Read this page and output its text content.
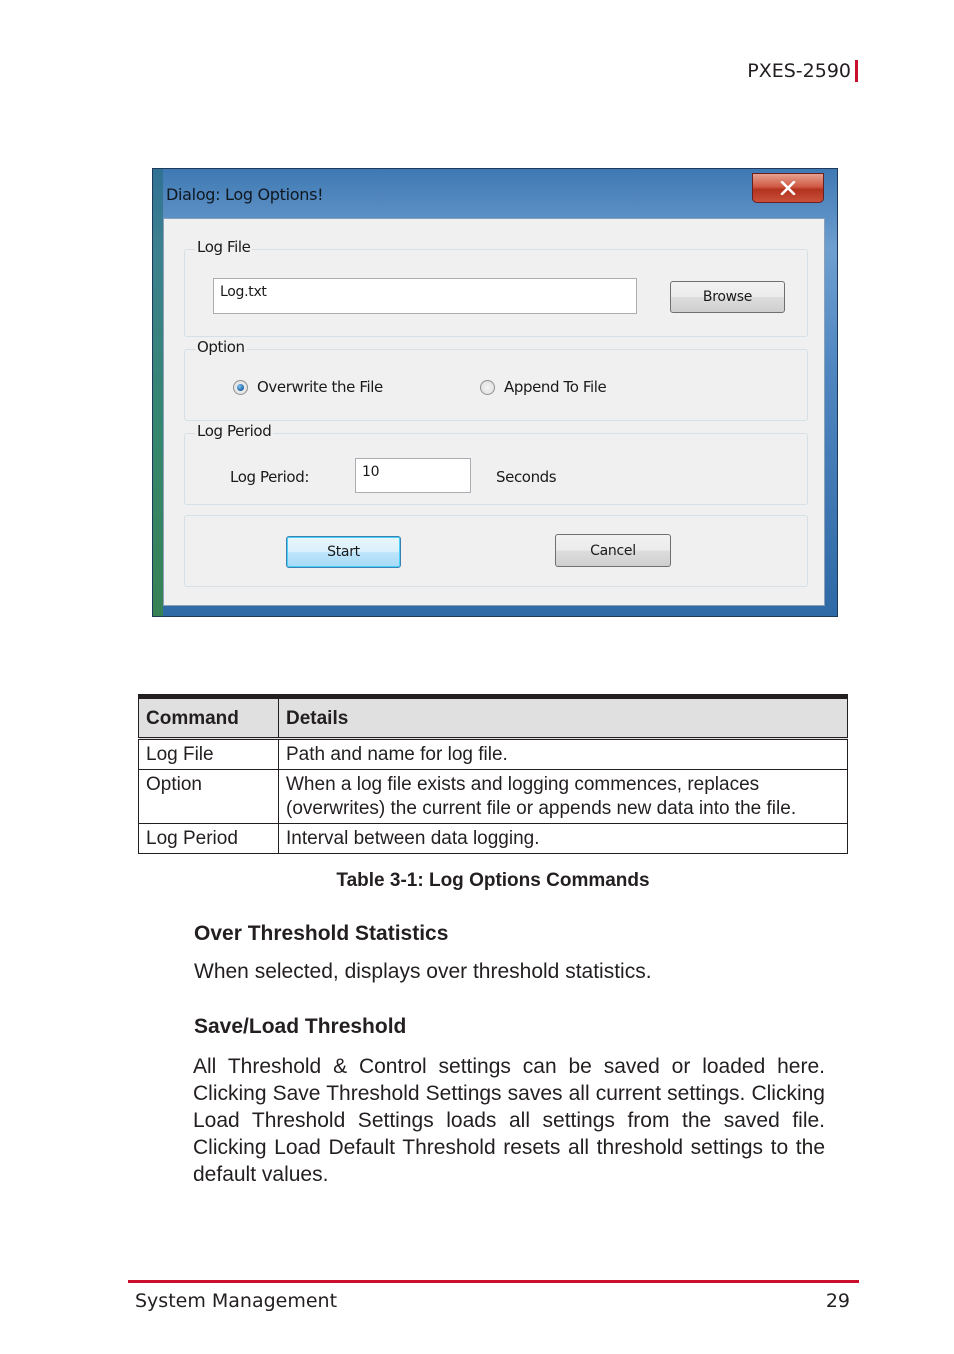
PXES-2590
Dialog: Log Options!
Log File
Log.txt	Browse
Option
Overwrite the File	Append To File
Log Period
Log Period:	10	Seconds
Start	Cancel
Command	Details
Log File	Path and name for log file.
Option	When a log file exists and logging commences, replaces (overwrites) the current file or appends new data into the file.
Log Period	Interval between data logging.
Table 3-1: Log Options Commands
Over Threshold Statistics
When selected, displays over threshold statistics.
Save/Load Threshold
All Threshold & Control settings can be saved or loaded here. Clicking Save Threshold Settings saves all current settings. Clicking Load Threshold Settings loads all settings from the saved file. Clicking Load Default Threshold resets all threshold settings to the default values.
System Management	29
